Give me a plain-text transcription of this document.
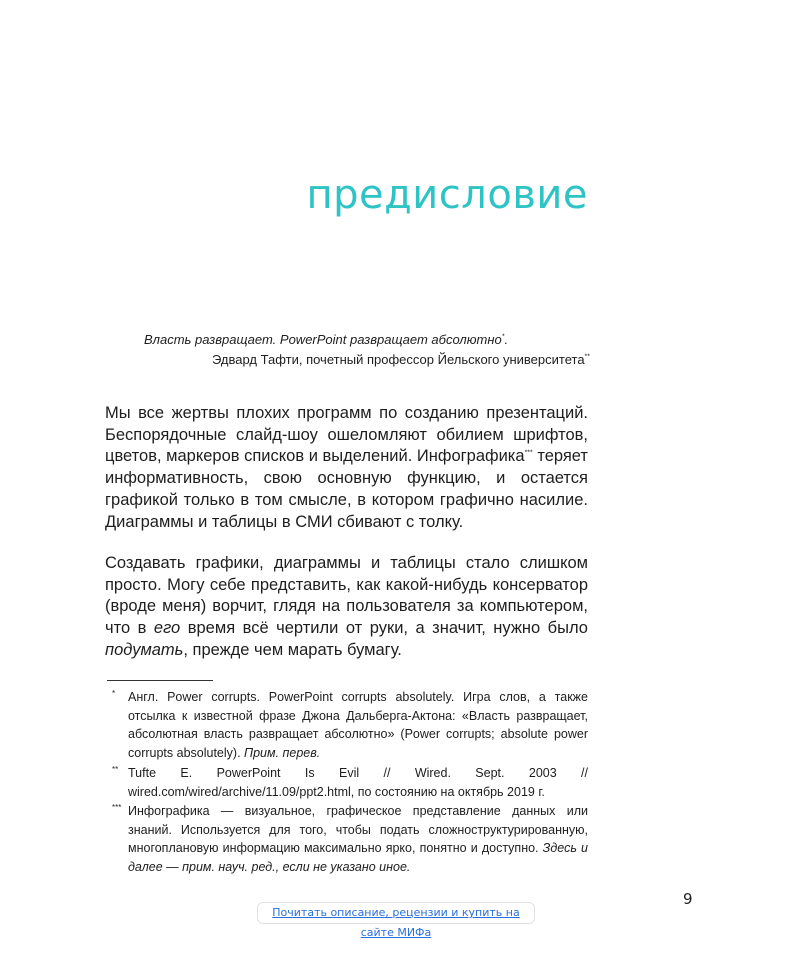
предисловие
Власть развращает. PowerPoint развращает абсолютно*.
Эдвард Тафти, почетный профессор Йельского университета**

Мы все жертвы плохих программ по созданию презентаций. Беспорядочные слайд-шоу ошеломляют обилием шрифтов, цветов, маркеров списков и выделений. Инфографика*** теряет информативность, свою основную функцию, и остается графикой только в том смысле, в котором графично насилие. Диаграммы и таблицы в СМИ сбивают с толку.

Создавать графики, диаграммы и таблицы стало слишком просто. Могу себе представить, как какой-нибудь консерватор (вроде меня) ворчит, глядя на пользователя за компьютером, что в его время всё чертили от руки, а значит, нужно было подумать, прежде чем марать бумагу.

* Англ. Power corrupts. PowerPoint corrupts absolutely. Игра слов, а также отсылка к известной фразе Джона Дальберга-Актона: «Власть развращает, абсолютная власть развращает абсолютно» (Power corrupts; absolute power corrupts absolutely). Прим. перев.
** Tufte E. PowerPoint Is Evil // Wired. Sept. 2003 // wired.com/wired/archive/11.09/ppt2.html, по состоянию на октябрь 2019 г.
*** Инфографика — визуальное, графическое представление данных или знаний. Используется для того, чтобы подать сложноструктурированную, многоплановую информацию максимально ярко, понятно и доступно. Здесь и далее — прим. науч. ред., если не указано иное.
9
Почитать описание, рецензии и купить на сайте МИФа
